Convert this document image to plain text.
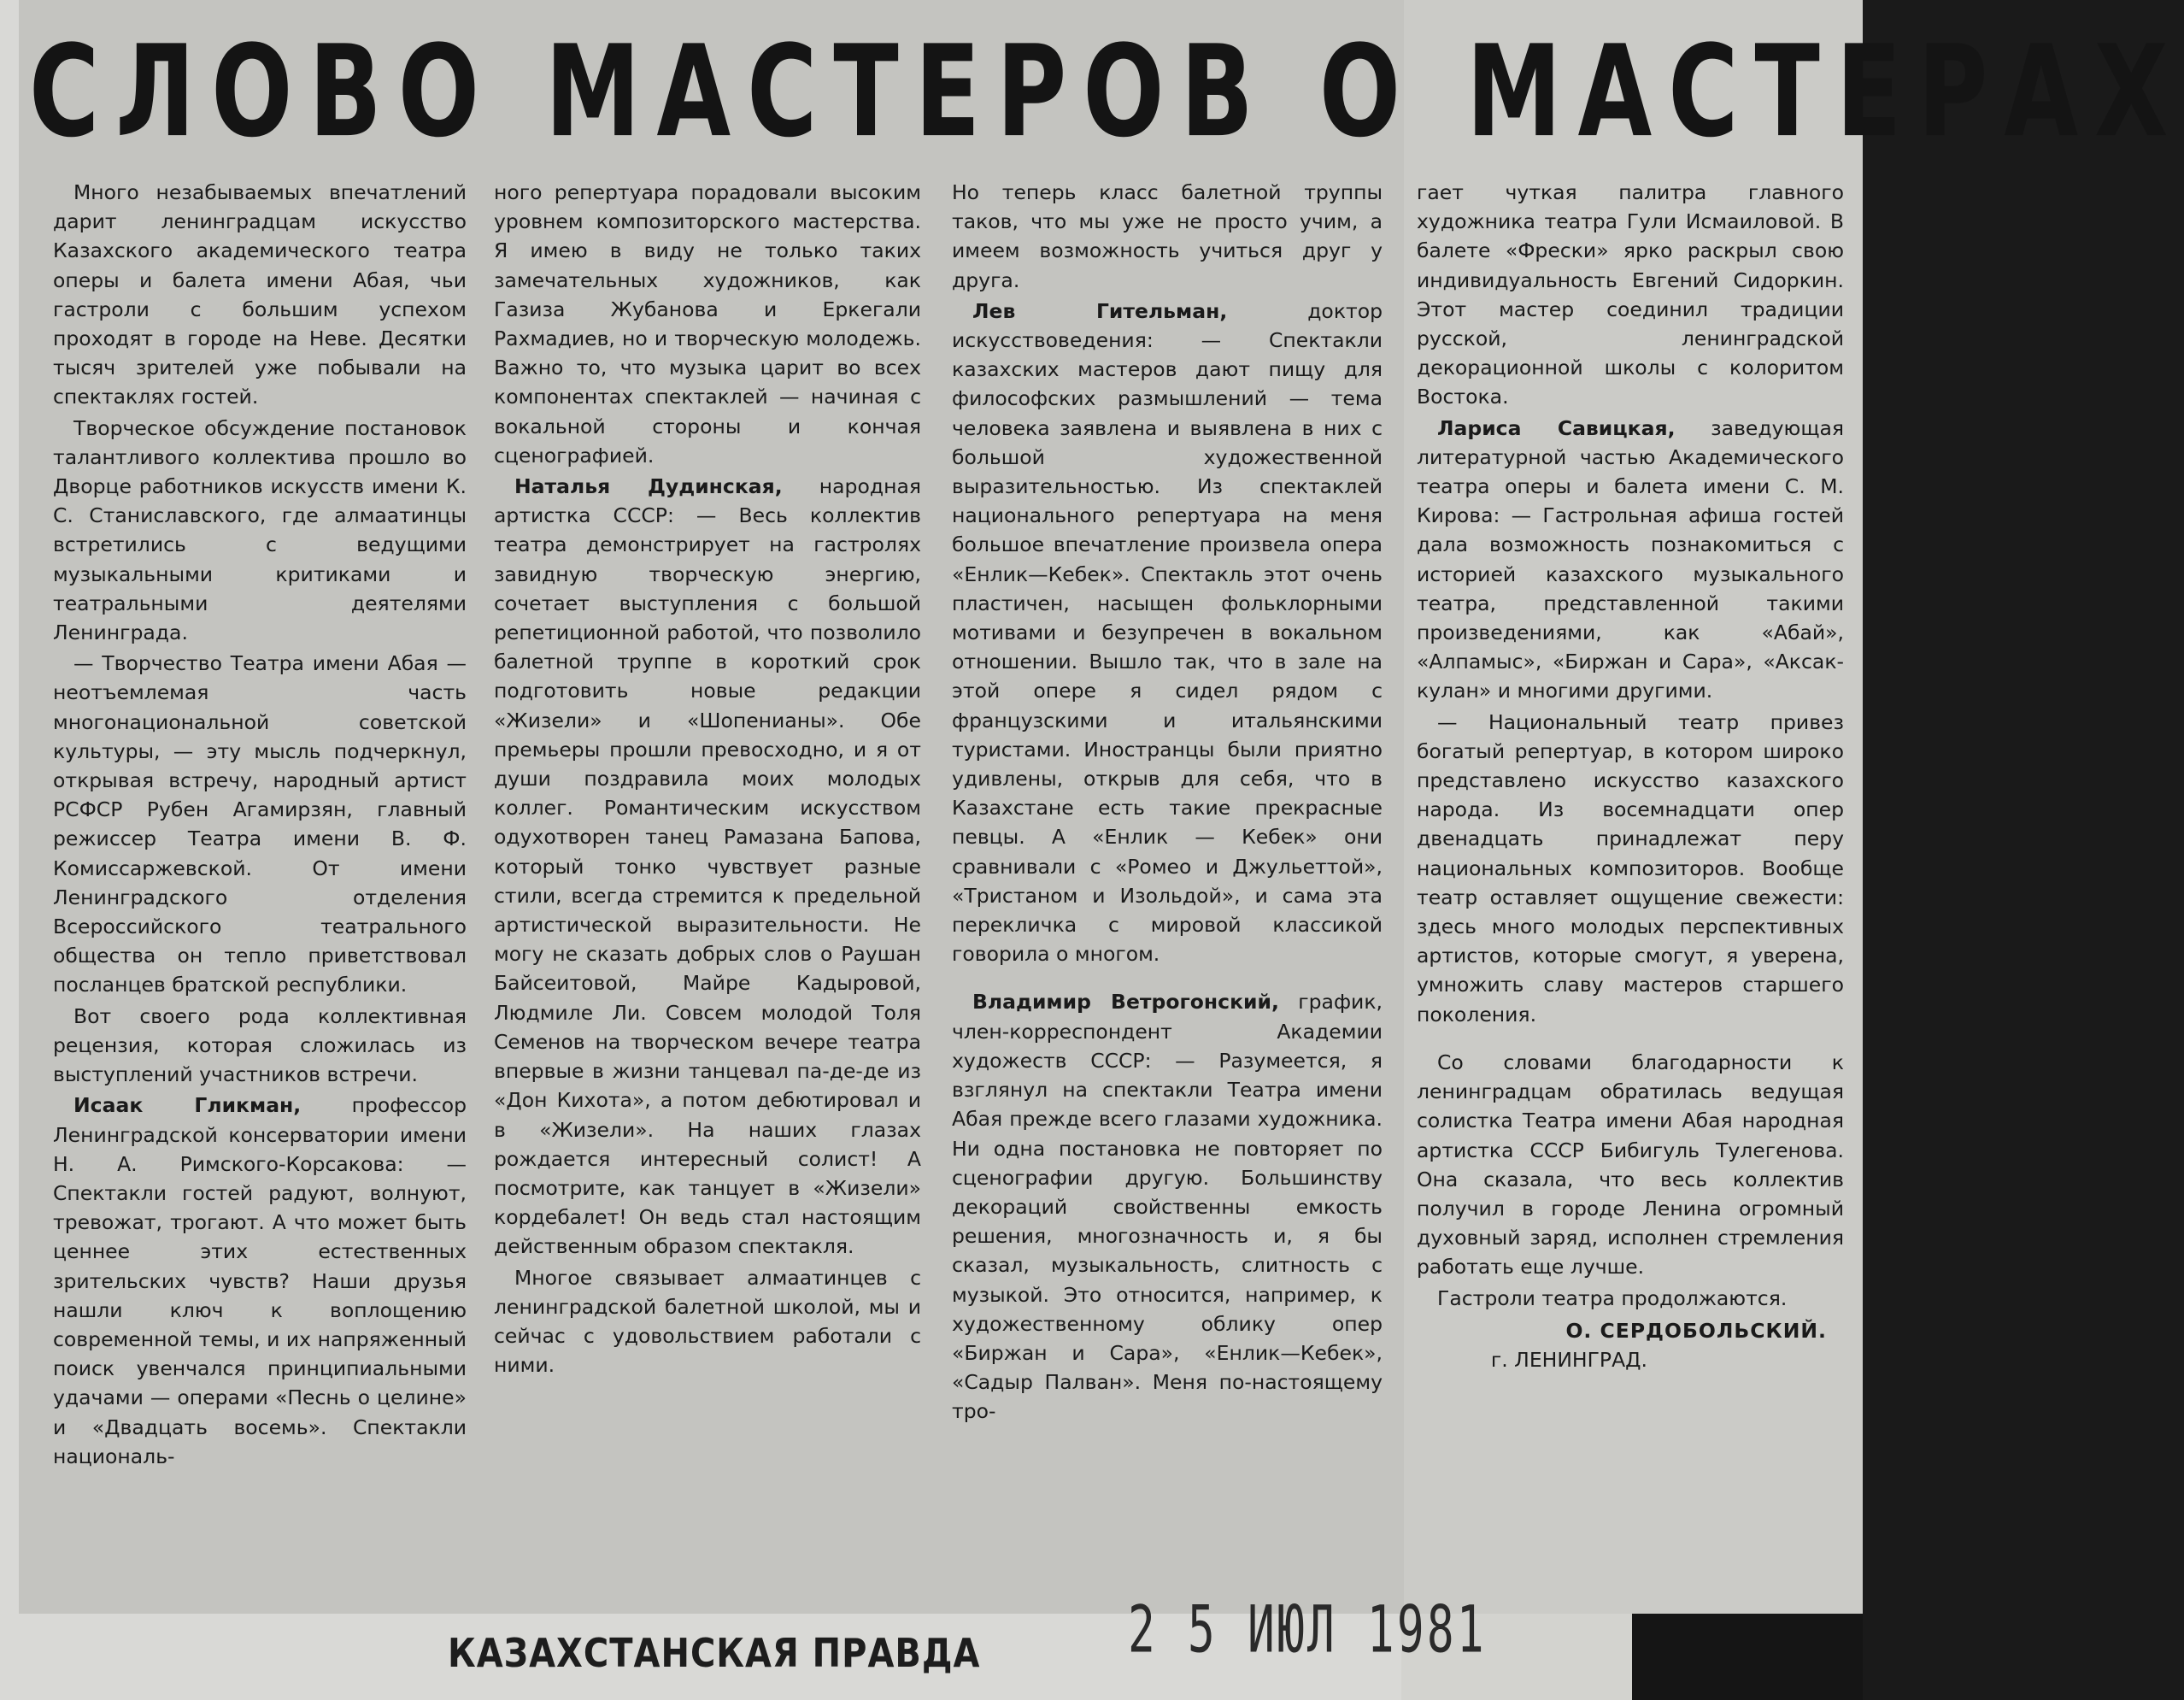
СЛОВО МАСТЕРОВ О МАСТЕРАХ

Много незабываемых впечатлений дарит ленинградцам искусство Казахского академического театра оперы и балета имени Абая, чьи гастроли с большим успехом проходят в городе на Неве. Десятки тысяч зрителей уже побывали на спектаклях гостей.

Творческое обсуждение постановок талантливого коллектива прошло во Дворце работников искусств имени К. С. Станиславского, где алмаатинцы встретились с ведущими музыкальными критиками и театральными деятелями Ленинграда.

— Творчество Театра имени Абая — неотъемлемая часть многонациональной советской культуры, — эту мысль подчеркнул, открывая встречу, народный артист РСФСР Рубен Агамирзян, главный режиссер Театра имени В. Ф. Комиссаржевской. От имени Ленинградского отделения Всероссийского театрального общества он тепло приветствовал посланцев братской республики.

Вот своего рода коллективная рецензия, которая сложилась из выступлений участников встречи.

Исаак Гликман, профессор Ленинградской консерватории имени Н. А. Римского-Корсакова: — Спектакли гостей радуют, волнуют, тревожат, трогают. А что может быть ценнее этих естественных зрительских чувств? Наши друзья нашли ключ к воплощению современной темы, и их напряженный поиск увенчался принципиальными удачами — операми «Песнь о целине» и «Двадцать восемь». Спектакли националь-

ного репертуара порадовали высоким уровнем композиторского мастерства. Я имею в виду не только таких замечательных художников, как Газиза Жубанова и Еркегали Рахмадиев, но и творческую молодежь. Важно то, что музыка царит во всех компонентах спектаклей — начиная с вокальной стороны и кончая сценографией.

Наталья Дудинская, народная артистка СССР: — Весь коллектив театра демонстрирует на гастролях завидную творческую энергию, сочетает выступления с большой репетиционной работой, что позволило балетной труппе в короткий срок подготовить новые редакции «Жизели» и «Шопенианы». Обе премьеры прошли превосходно, и я от души поздравила моих молодых коллег. Романтическим искусством одухотворен танец Рамазана Бапова, который тонко чувствует разные стили, всегда стремится к предельной артистической выразительности. Не могу не сказать добрых слов о Раушан Байсеитовой, Майре Кадыровой, Людмиле Ли. Совсем молодой Толя Семенов на творческом вечере театра впервые в жизни танцевал па-де-де из «Дон Кихота», а потом дебютировал и в «Жизели». На наших глазах рождается интересный солист! А посмотрите, как танцует в «Жизели» кордебалет! Он ведь стал настоящим действенным образом спектакля.

Многое связывает алмаатинцев с ленинградской балетной школой, мы и сейчас с удовольствием работали с ними.

Но теперь класс балетной труппы таков, что мы уже не просто учим, а имеем возможность учиться друг у друга.

Лев Гительман, доктор искусствоведения: — Спектакли казахских мастеров дают пищу для философских размышлений — тема человека заявлена и выявлена в них с большой художественной выразительностью. Из спектаклей национального репертуара на меня большое впечатление произвела опера «Енлик—Кебек». Спектакль этот очень пластичен, насыщен фольклорными мотивами и безупречен в вокальном отношении. Вышло так, что в зале на этой опере я сидел рядом с французскими и итальянскими туристами. Иностранцы были приятно удивлены, открыв для себя, что в Казахстане есть такие прекрасные певцы. А «Енлик — Кебек» они сравнивали с «Ромео и Джульеттой», «Тристаном и Изольдой», и сама эта перекличка с мировой классикой говорила о многом.

Владимир Ветрогонский, график, член-корреспондент Академии художеств СССР: — Разумеется, я взглянул на спектакли Театра имени Абая прежде всего глазами художника. Ни одна постановка не повторяет по сценографии другую. Большинству декораций свойственны емкость решения, многозначность и, я бы сказал, музыкальность, слитность с музыкой. Это относится, например, к художественному облику опер «Биржан и Сара», «Енлик—Кебек», «Садыр Палван». Меня по-настоящему тро-

гает чуткая палитра главного художника театра Гули Исмаиловой. В балете «Фрески» ярко раскрыл свою индивидуальность Евгений Сидоркин. Этот мастер соединил традиции русской, ленинградской декорационной школы с колоритом Востока.

Лариса Савицкая, заведующая литературной частью Академического театра оперы и балета имени С. М. Кирова: — Гастрольная афиша гостей дала возможность познакомиться с историей казахского музыкального театра, представленной такими произведениями, как «Абай», «Алпамыс», «Биржан и Сара», «Аксак-кулан» и многими другими.

— Национальный театр привез богатый репертуар, в котором широко представлено искусство казахского народа. Из восемнадцати опер двенадцать принадлежат перу национальных композиторов. Вообще театр оставляет ощущение свежести: здесь много молодых перспективных артистов, которые смогут, я уверена, умножить славу мастеров старшего поколения.

Со словами благодарности к ленинградцам обратилась ведущая солистка Театра имени Абая народная артистка СССР Бибигуль Тулегенова. Она сказала, что весь коллектив получил в городе Ленина огромный духовный заряд, исполнен стремления работать еще лучше.

Гастроли театра продолжаются.

О. СЕРДОБОЛЬСКИЙ.
г. ЛЕНИНГРАД.
КАЗАХСТАНСКАЯ ПРАВДА	2 5 ИЮЛ 1981
